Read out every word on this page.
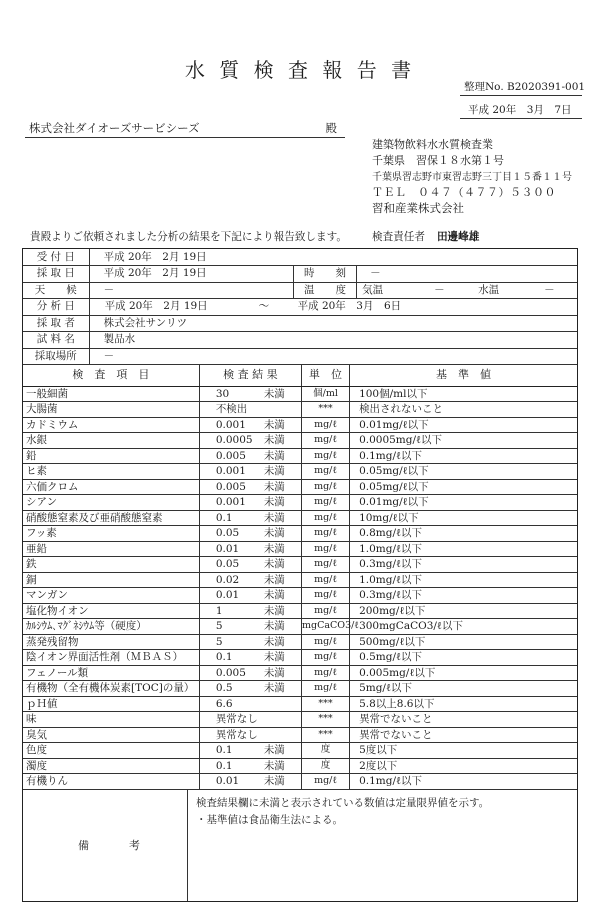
水 質 検 査 報 告 書
整理No. B2020391-001
平成 20年　3月　7日
株式会社ダイオーズサービシーズ	殿
建築物飲料水水質検査業
千葉県　習保１８水第１号
千葉県習志野市東習志野三丁目１５番１１号
ＴＥＬ　０４７（４７７）５３００
習和産業株式会社
貴殿よりご依頼されました分析の結果を下記により報告致します。 検査責任者 田邊峰雄
受 付 日	平成 20年　2月 19日		
採 取 日	平成 20年　2月 19日	時　　刻	－
天　　候	－	温　　度	気温 － 水温 －

分 析 日	平成 20年　2月 19日 ～ 平成 20年　3月　6日		

採 取 者	株式会社サンリツ		
試 料 名	製品水		
採取場所	－		
検　査　項　目	検 査 結 果	単　位	基　準　値
一般細菌	30 未満	個/ml	100個/ml以下
大腸菌	不検出	***	検出されないこと
カドミウム	0.001 未満	mg/ℓ	0.01mg/ℓ以下
水銀	0.0005 未満	mg/ℓ	0.0005mg/ℓ以下
鉛	0.005 未満	mg/ℓ	0.1mg/ℓ以下
ヒ素	0.001 未満	mg/ℓ	0.05mg/ℓ以下
六価クロム	0.005 未満	mg/ℓ	0.05mg/ℓ以下
シアン	0.001 未満	mg/ℓ	0.01mg/ℓ以下
硝酸態窒素及び亜硝酸態窒素	0.1 未満	mg/ℓ	10mg/ℓ以下
フッ素	0.05 未満	mg/ℓ	0.8mg/ℓ以下
亜鉛	0.01 未満	mg/ℓ	1.0mg/ℓ以下
鉄	0.05 未満	mg/ℓ	0.3mg/ℓ以下
銅	0.02 未満	mg/ℓ	1.0mg/ℓ以下
マンガン	0.01 未満	mg/ℓ	0.3mg/ℓ以下
塩化物イオン	1 未満	mg/ℓ	200mg/ℓ以下
ｶﾙｼｳﾑ､ﾏｸﾞﾈｼｳﾑ等（硬度）	5 未満	mgCaCO3/ℓ	300mgCaCO3/ℓ以下
蒸発残留物	5 未満	mg/ℓ	500mg/ℓ以下
陰イオン界面活性剤（ＭＢＡＳ）	0.1 未満	mg/ℓ	0.5mg/ℓ以下
フェノール類	0.005 未満	mg/ℓ	0.005mg/ℓ以下
有機物（全有機体炭素[TOC]の量）	0.5 未満	mg/ℓ	5mg/ℓ以下
ｐＨ値	6.6	***	5.8以上8.6以下
味	異常なし	***	異常でないこと
臭気	異常なし	***	異常でないこと
色度	0.1 未満	度	5度以下
濁度	0.1 未満	度	2度以下
有機りん	0.01 未満	mg/ℓ	0.1mg/ℓ以下
備　　考
検査結果欄に未満と表示されている数値は定量限界値を示す。
・基準値は食品衛生法による。
